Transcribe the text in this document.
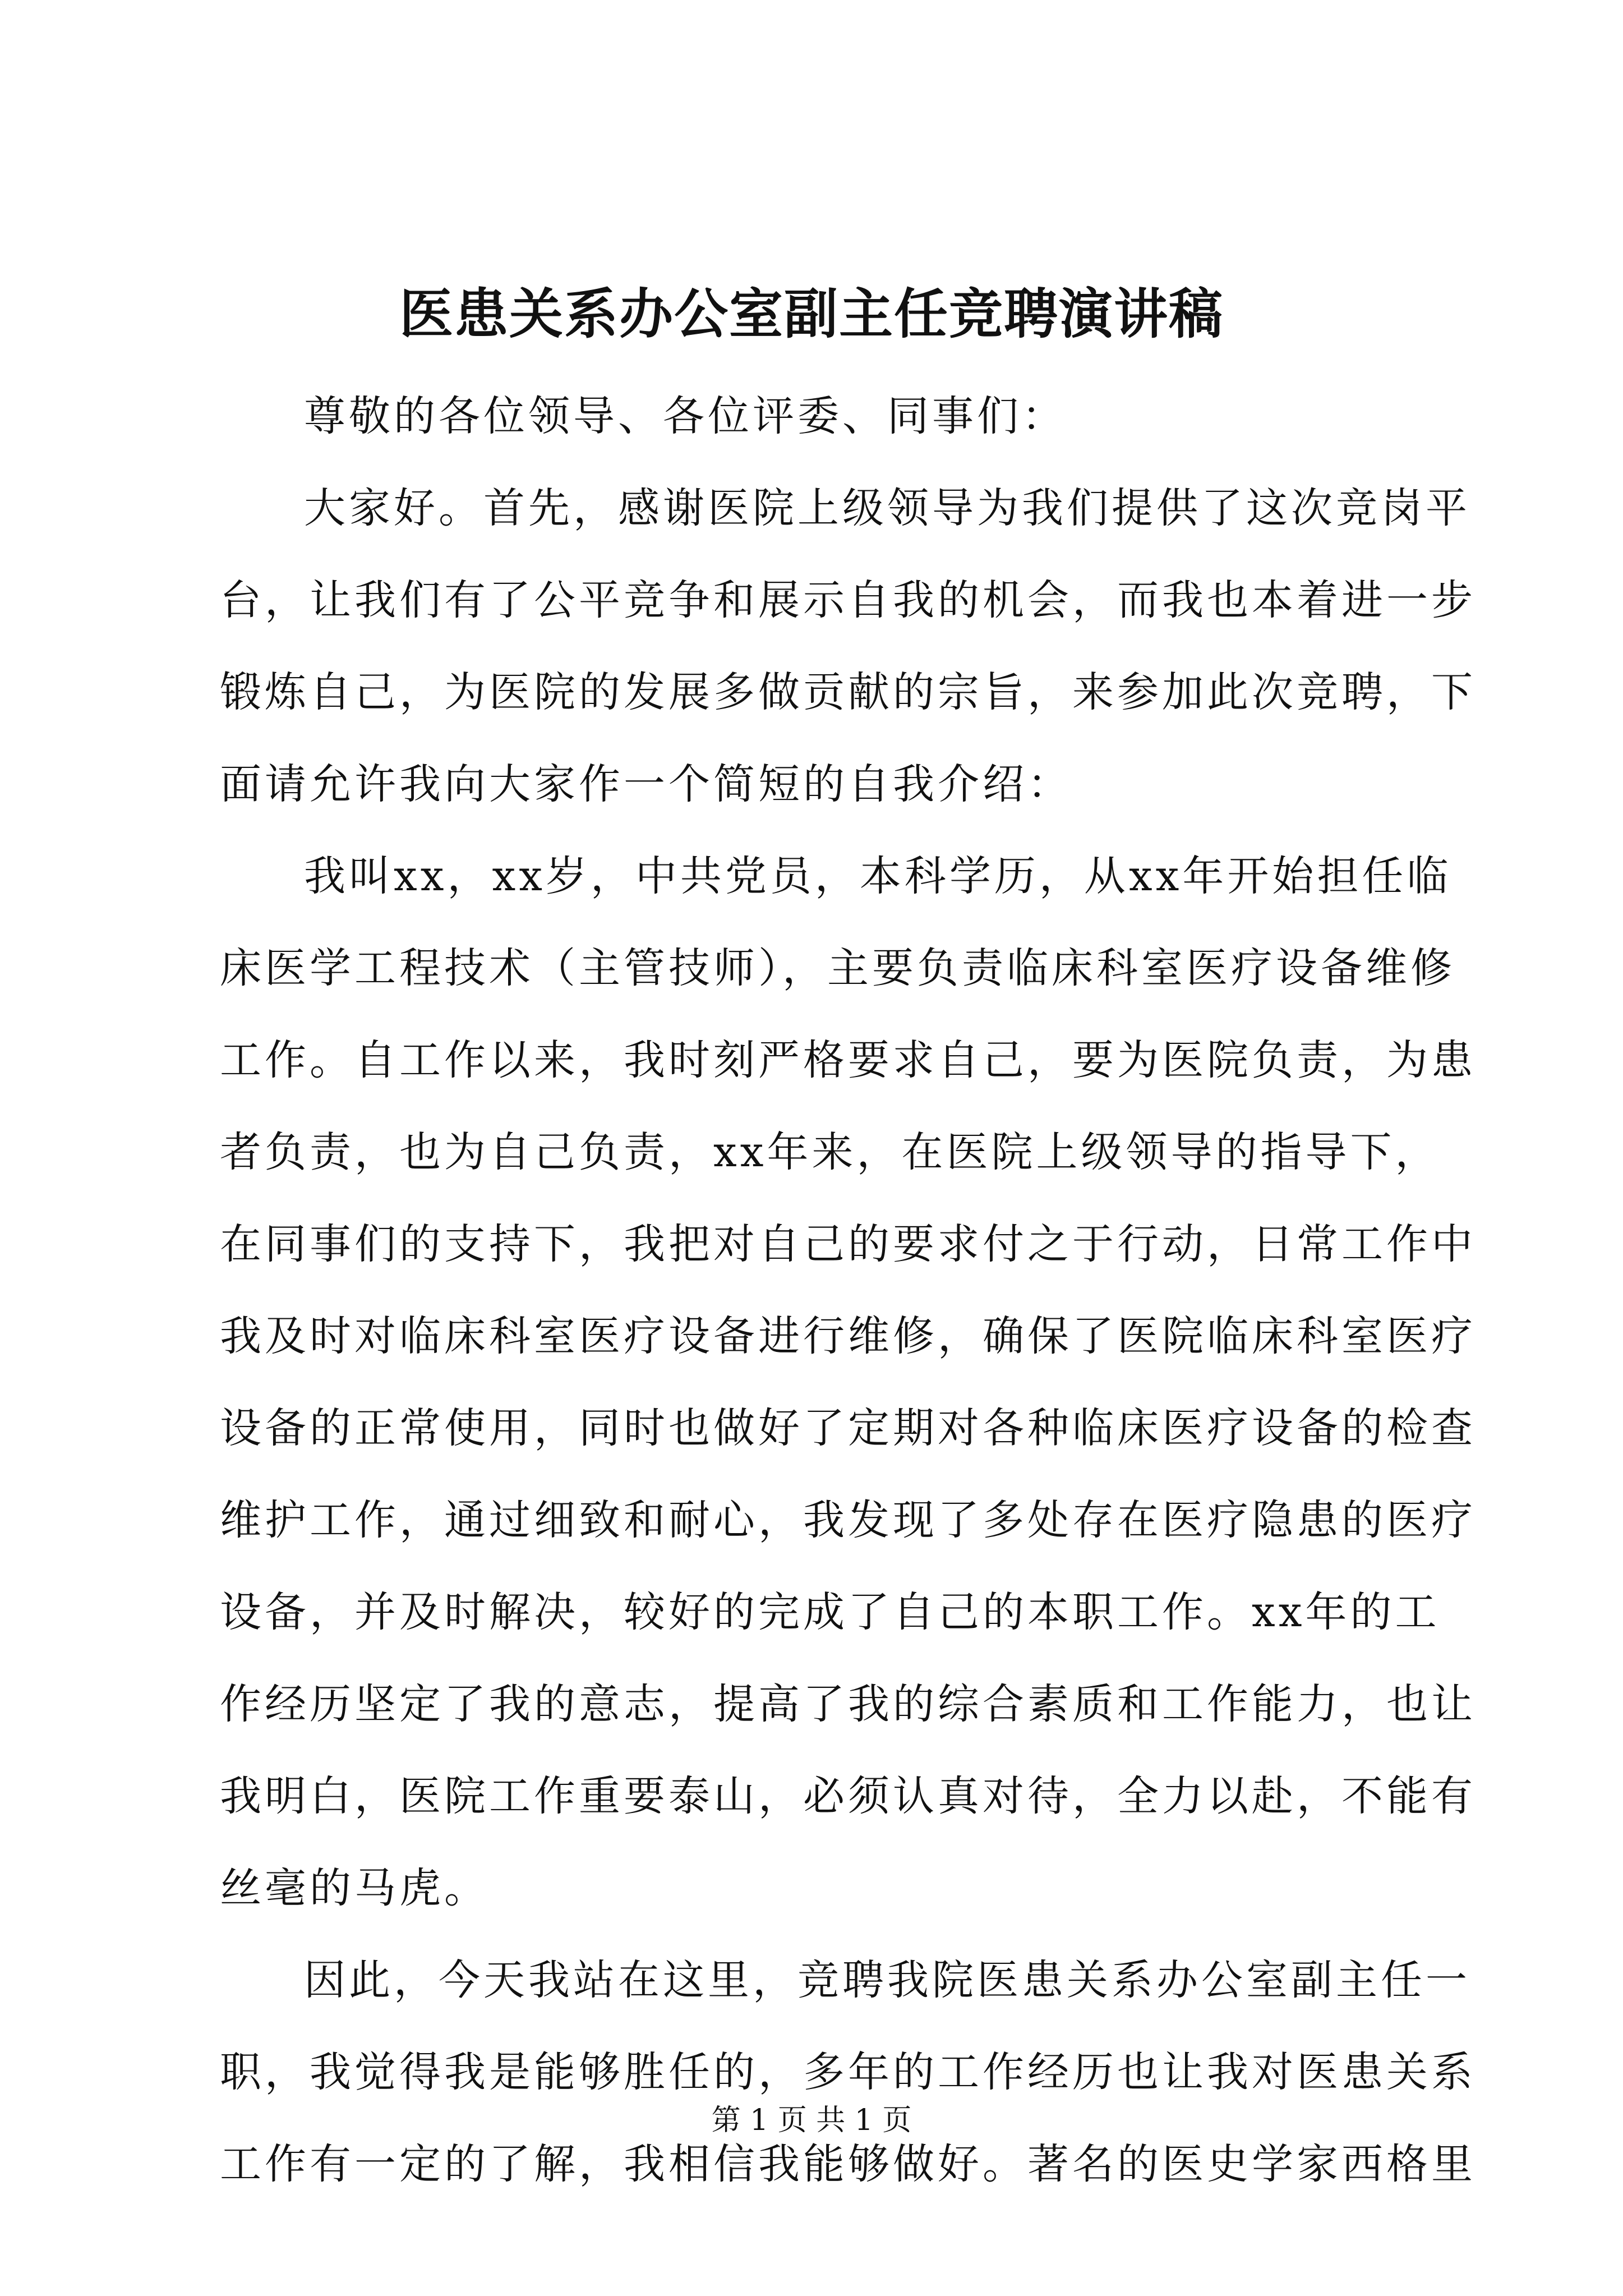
医患关系办公室副主任竞聘演讲稿
尊敬的各位领导、各位评委、同事们：
大家好。首先，感谢医院上级领导为我们提供了这次竞岗平
台，让我们有了公平竞争和展示自我的机会，而我也本着进一步
锻炼自己，为医院的发展多做贡献的宗旨，来参加此次竞聘，下
面请允许我向大家作一个简短的自我介绍：
我叫xx，xx岁，中共党员，本科学历，从xx年开始担任临
床医学工程技术（主管技师），主要负责临床科室医疗设备维修
工作。自工作以来，我时刻严格要求自己，要为医院负责，为患
者负责，也为自己负责，xx年来，在医院上级领导的指导下，
在同事们的支持下，我把对自己的要求付之于行动，日常工作中
我及时对临床科室医疗设备进行维修，确保了医院临床科室医疗
设备的正常使用，同时也做好了定期对各种临床医疗设备的检查
维护工作，通过细致和耐心，我发现了多处存在医疗隐患的医疗
设备，并及时解决，较好的完成了自己的本职工作。xx年的工
作经历坚定了我的意志，提高了我的综合素质和工作能力，也让
我明白，医院工作重要泰山，必须认真对待，全力以赴，不能有
丝毫的马虎。
因此，今天我站在这里，竞聘我院医患关系办公室副主任一
职，我觉得我是能够胜任的，多年的工作经历也让我对医患关系
工作有一定的了解，我相信我能够做好。著名的医史学家西格里
第 1 页 共 1 页
